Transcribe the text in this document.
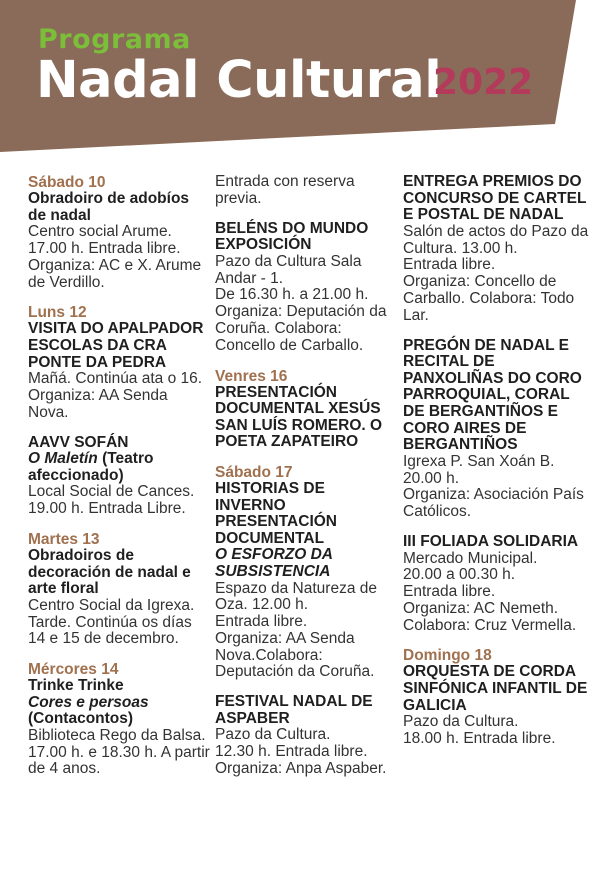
Programa
Nadal Cultural
2022
Sábado 10
Obradoiro de adobíos de nadal
Centro social Arume.
17.00 h. Entrada libre.
Organiza: AC e X. Arume de Verdillo.
Luns 12
VISITA DO APALPADOR ESCOLAS DA CRA PONTE DA PEDRA
Mañá. Continúa ata o 16.
Organiza: AA Senda Nova.
AAVV SOFÁN
O Maletín (Teatro afeccionado)
Local Social de Cances.
19.00 h. Entrada Libre.
Martes 13
Obradoiros de decoración de nadal e arte floral
Centro Social da Igrexa. Tarde. Continúa os días 14 e 15 de decembro.
Mércores 14
Trinke Trinke
Cores e persoas
(Contacontos)
Biblioteca Rego da Balsa. 17.00 h. e 18.30 h. A partir de 4 anos.
Entrada con reserva previa.
BELÉNS DO MUNDO EXPOSICIÓN
Pazo da Cultura Sala Andar - 1.
De 16.30 h. a 21.00 h.
Organiza: Deputación da Coruña. Colabora: Concello de Carballo.
Venres 16
PRESENTACIÓN DOCUMENTAL XESÚS SAN LUÍS ROMERO. O POETA ZAPATEIRO
Sábado 17
HISTORIAS DE INVERNO PRESENTACIÓN DOCUMENTAL
O ESFORZO DA SUBSISTENCIA
Espazo da Natureza de Oza. 12.00 h.
Entrada libre.
Organiza: AA Senda Nova.Colabora: Deputación da Coruña.
FESTIVAL NADAL DE ASPABER
Pazo da Cultura.
12.30 h. Entrada libre.
Organiza: Anpa Aspaber.
ENTREGA PREMIOS DO CONCURSO DE CARTEL E POSTAL DE NADAL
Salón de actos do Pazo da Cultura. 13.00 h.
Entrada libre.
Organiza: Concello de Carballo. Colabora: Todo Lar.
PREGÓN DE NADAL E RECITAL DE PANXOLIÑAS DO CORO PARROQUIAL, CORAL DE BERGANTIÑOS E CORO AIRES DE BERGANTIÑOS
Igrexa P. San Xoán B.
20.00 h.
Organiza: Asociación País Católicos.
III FOLIADA SOLIDARIA
Mercado Municipal.
20.00 a 00.30 h.
Entrada libre.
Organiza: AC Nemeth.
Colabora: Cruz Vermella.
Domingo 18
ORQUESTA DE CORDA SINFÓNICA INFANTIL DE GALICIA
Pazo da Cultura.
18.00 h. Entrada libre.
